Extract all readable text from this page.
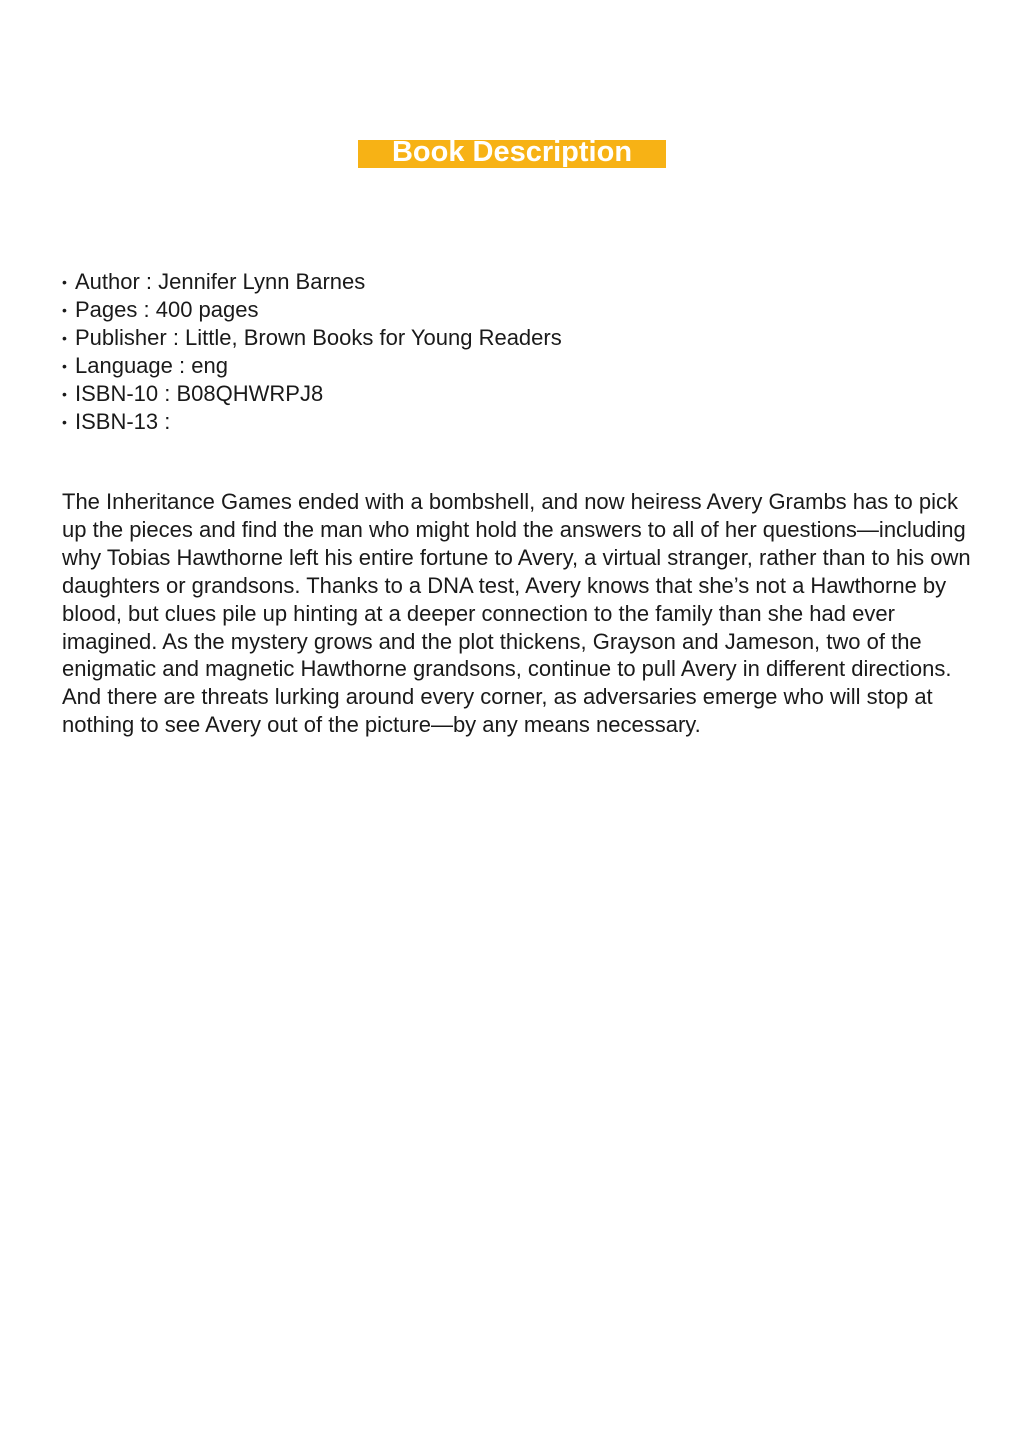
Book Description
• Author : Jennifer Lynn Barnes
• Pages : 400 pages
• Publisher : Little, Brown Books for Young Readers
• Language : eng
• ISBN-10 : B08QHWRPJ8
• ISBN-13 :

The Inheritance Games ended with a bombshell, and now heiress Avery Grambs has to pick up the pieces and find the man who might hold the answers to all of her questions—including why Tobias Hawthorne left his entire fortune to Avery, a virtual stranger, rather than to his own daughters or grandsons. Thanks to a DNA test, Avery knows that she’s not a Hawthorne by blood, but clues pile up hinting at a deeper connection to the family than she had ever imagined. As the mystery grows and the plot thickens, Grayson and Jameson, two of the enigmatic and magnetic Hawthorne grandsons, continue to pull Avery in different directions. And there are threats lurking around every corner, as adversaries emerge who will stop at nothing to see Avery out of the picture—by any means necessary.
